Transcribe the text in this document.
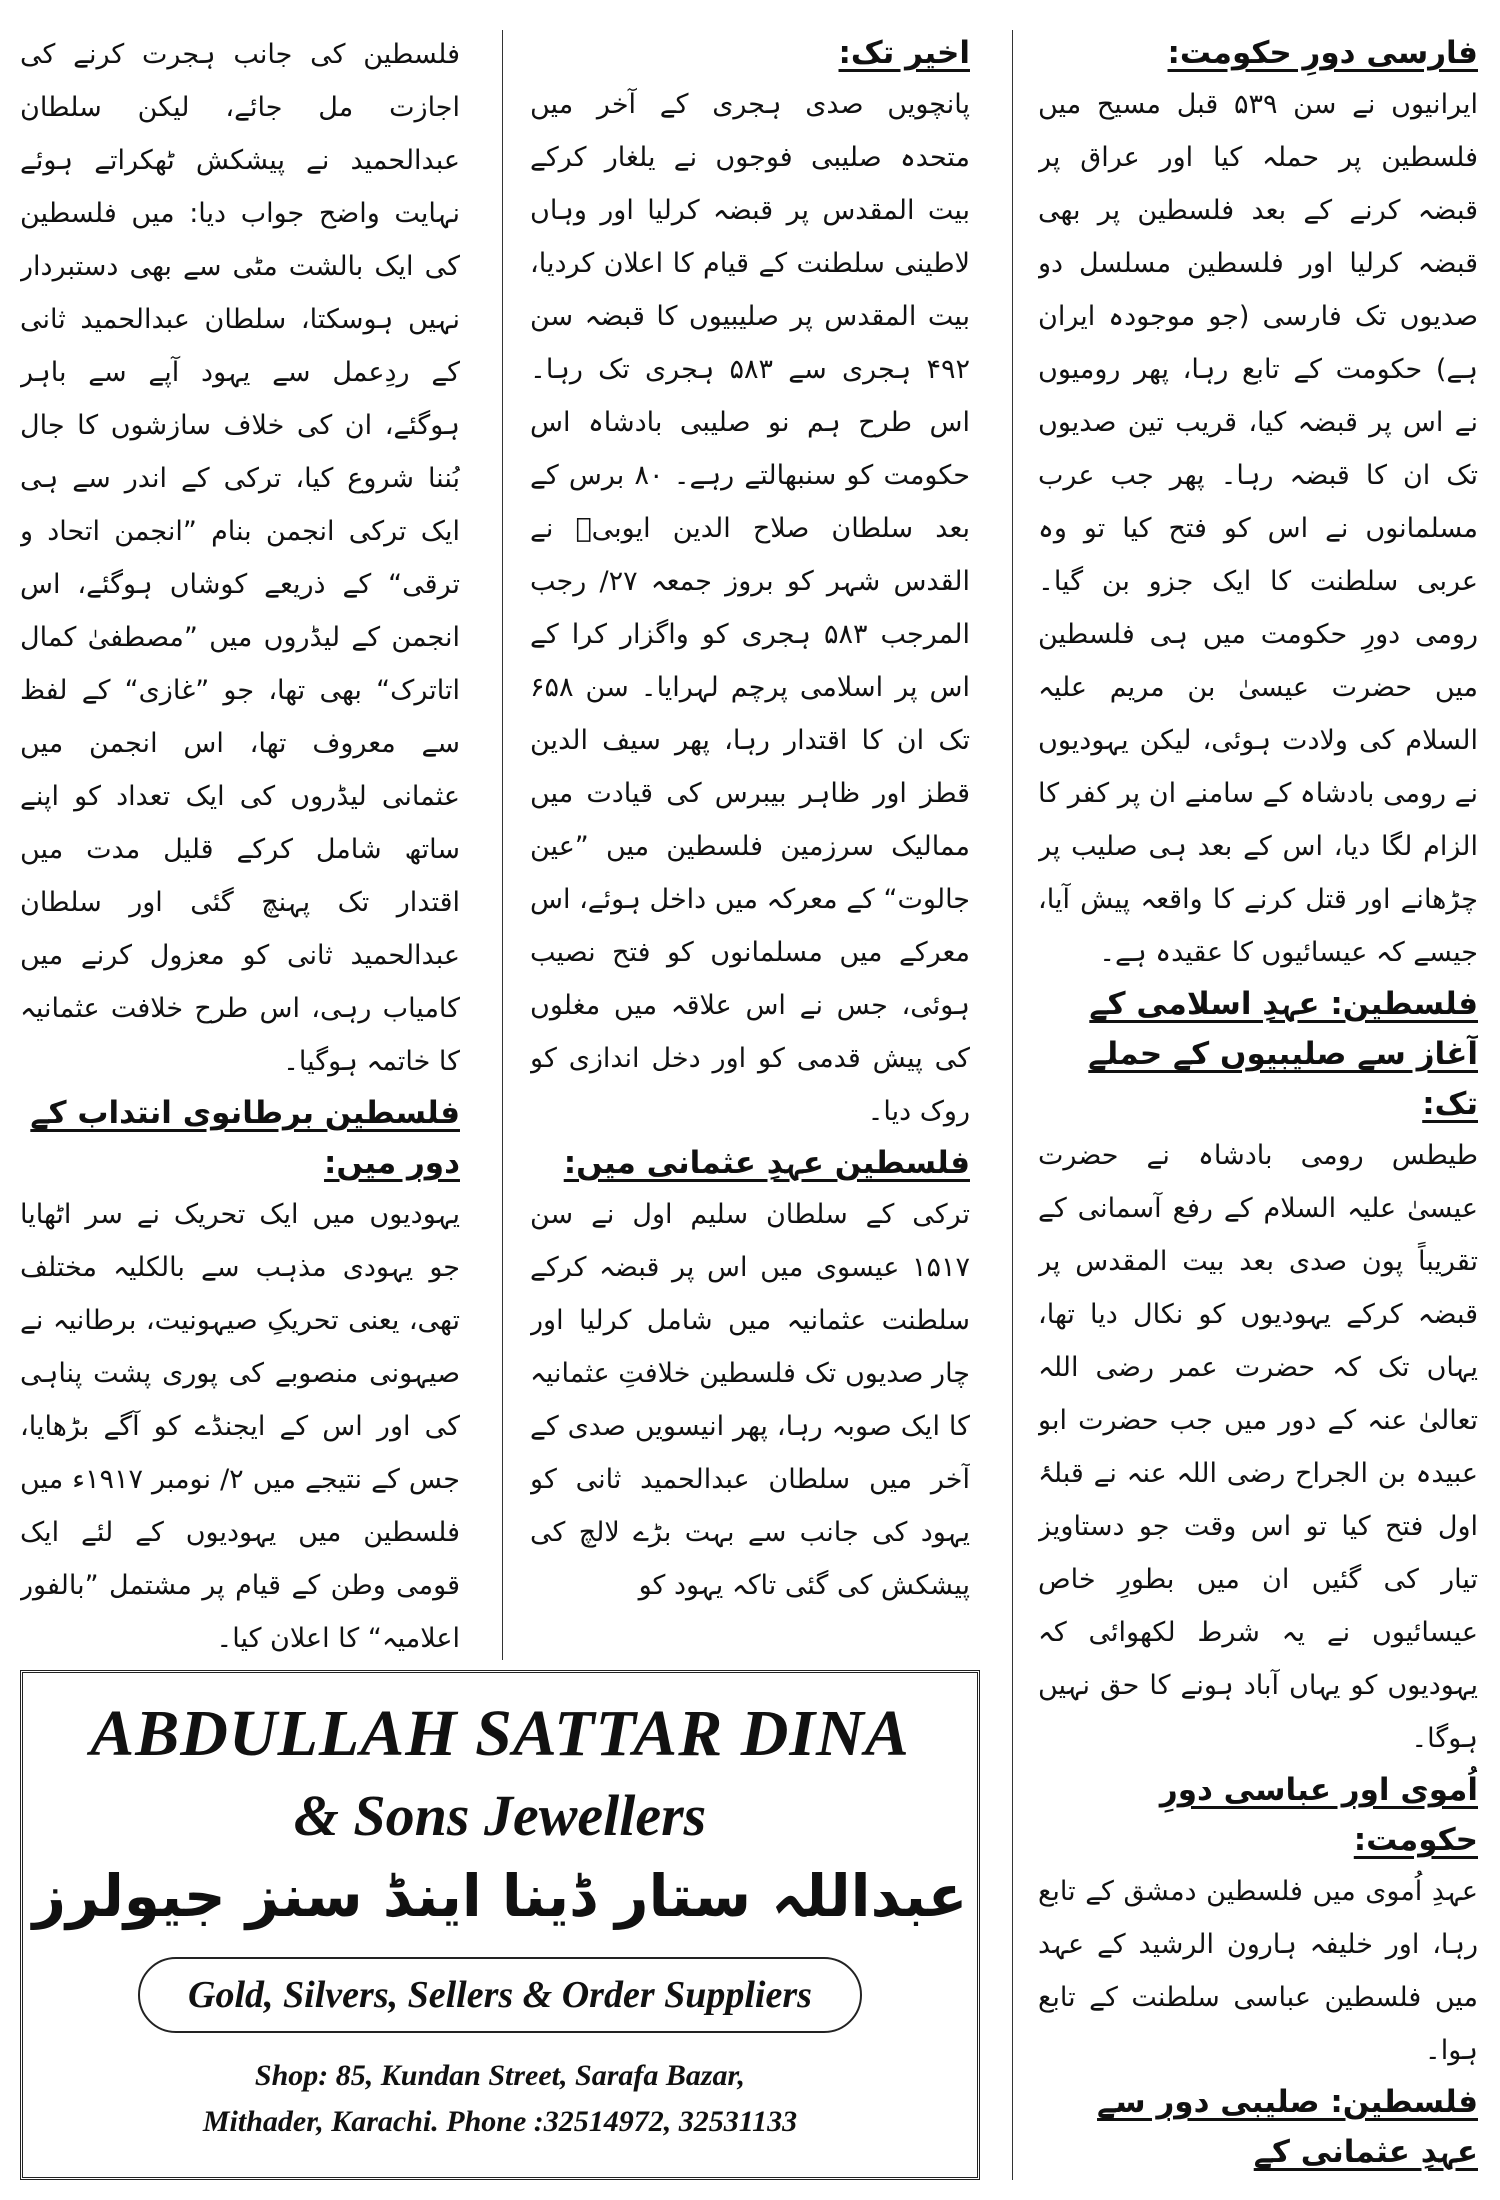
فارسی دورِ حکومت:

ایرانیوں نے سن ۵۳۹ قبل مسیح میں فلسطین پر حملہ کیا اور عراق پر قبضہ کرنے کے بعد فلسطین پر بھی قبضہ کرلیا اور فلسطین مسلسل دو صدیوں تک فارسی (جو موجودہ ایران ہے) حکومت کے تابع رہا، پھر رومیوں نے اس پر قبضہ کیا، قریب تین صدیوں تک ان کا قبضہ رہا۔ پھر جب عرب مسلمانوں نے اس کو فتح کیا تو وہ عربی سلطنت کا ایک جزو بن گیا۔ رومی دورِ حکومت میں ہی فلسطین میں حضرت عیسیٰ بن مریم علیہ السلام کی ولادت ہوئی، لیکن یہودیوں نے رومی بادشاہ کے سامنے ان پر کفر کا الزام لگا دیا، اس کے بعد ہی صلیب پر چڑھانے اور قتل کرنے کا واقعہ پیش آیا، جیسے کہ عیسائیوں کا عقیدہ ہے۔

فلسطین: عہدِ اسلامی کے آغاز سے صلیبیوں کے حملے تک:

طیطس رومی بادشاہ نے حضرت عیسیٰ علیہ السلام کے رفع آسمانی کے تقریباً پون صدی بعد بیت المقدس پر قبضہ کرکے یہودیوں کو نکال دیا تھا، یہاں تک کہ حضرت عمر رضی اللہ تعالیٰ عنہ کے دور میں جب حضرت ابو عبیدہ بن الجراح رضی اللہ عنہ نے قبلۂ اول فتح کیا تو اس وقت جو دستاویز تیار کی گئیں ان میں بطورِ خاص عیسائیوں نے یہ شرط لکھوائی کہ یہودیوں کو یہاں آباد ہونے کا حق نہیں ہوگا۔

اُموی اور عباسی دورِ حکومت:

عہدِ اُموی میں فلسطین دمشق کے تابع رہا، اور خلیفہ ہارون الرشید کے عہد میں فلسطین عباسی سلطنت کے تابع ہوا۔

فلسطین: صلیبی دور سے عہدِ عثمانی کے
اخیر تک:

پانچویں صدی ہجری کے آخر میں متحدہ صلیبی فوجوں نے یلغار کرکے بیت المقدس پر قبضہ کرلیا اور وہاں لاطینی سلطنت کے قیام کا اعلان کردیا، بیت المقدس پر صلیبیوں کا قبضہ سن ۴۹۲ ہجری سے ۵۸۳ ہجری تک رہا۔ اس طرح ہم نو صلیبی بادشاہ اس حکومت کو سنبھالتے رہے۔ ۸۰ برس کے بعد سلطان صلاح الدین ایوبیؒ نے القدس شہر کو بروز جمعہ ۲۷/ رجب المرجب ۵۸۳ ہجری کو واگزار کرا کے اس پر اسلامی پرچم لہرایا۔ سن ۶۵۸ تک ان کا اقتدار رہا، پھر سیف الدین قطز اور ظاہر بیبرس کی قیادت میں ممالیک سرزمین فلسطین میں ”عین جالوت“ کے معرکہ میں داخل ہوئے، اس معرکے میں مسلمانوں کو فتح نصیب ہوئی، جس نے اس علاقہ میں مغلوں کی پیش قدمی کو اور دخل اندازی کو روک دیا۔

فلسطین عہدِ عثمانی میں:

ترکی کے سلطان سلیم اول نے سن ۱۵۱۷ عیسوی میں اس پر قبضہ کرکے سلطنت عثمانیہ میں شامل کرلیا اور چار صدیوں تک فلسطین خلافتِ عثمانیہ کا ایک صوبہ رہا، پھر انیسویں صدی کے آخر میں سلطان عبدالحمید ثانی کو یہود کی جانب سے بہت بڑے لالچ کی پیشکش کی گئی تاکہ یہود کو

فلسطین کی جانب ہجرت کرنے کی اجازت مل جائے، لیکن سلطان عبدالحمید نے پیشکش ٹھکراتے ہوئے نہایت واضح جواب دیا: میں فلسطین کی ایک بالشت مٹی سے بھی دستبردار نہیں ہوسکتا، سلطان عبدالحمید ثانی کے ردِعمل سے یہود آپے سے باہر ہوگئے، ان کی خلاف سازشوں کا جال بُننا شروع کیا، ترکی کے اندر سے ہی ایک ترکی انجمن بنام ”انجمن اتحاد و ترقی“ کے ذریعے کوشاں ہوگئے، اس انجمن کے لیڈروں میں ”مصطفیٰ کمال اتاترک“ بھی تھا، جو ”غازی“ کے لفظ سے معروف تھا، اس انجمن میں عثمانی لیڈروں کی ایک تعداد کو اپنے ساتھ شامل کرکے قلیل مدت میں اقتدار تک پہنچ گئی اور سلطان عبدالحمید ثانی کو معزول کرنے میں کامیاب رہی، اس طرح خلافت عثمانیہ کا خاتمہ ہوگیا۔

فلسطین برطانوی انتداب کے دور میں:

یہودیوں میں ایک تحریک نے سر اٹھایا جو یہودی مذہب سے بالکلیہ مختلف تھی، یعنی تحریکِ صیہونیت، برطانیہ نے صیہونی منصوبے کی پوری پشت پناہی کی اور اس کے ایجنڈے کو آگے بڑھایا، جس کے نتیجے میں ۲/ نومبر ۱۹۱۷ء میں فلسطین میں یہودیوں کے لئے ایک قومی وطن کے قیام پر مشتمل ”بالفور اعلامیہ“ کا اعلان کیا۔

ABDULLAH SATTAR DINA
& Sons Jewellers
عبداللہ ستار ڈینا اینڈ سنز جیولرز
Gold, Silvers, Sellers & Order Suppliers
Shop: 85, Kundan Street, Sarafa Bazar,
Mithader, Karachi. Phone :32514972, 32531133
